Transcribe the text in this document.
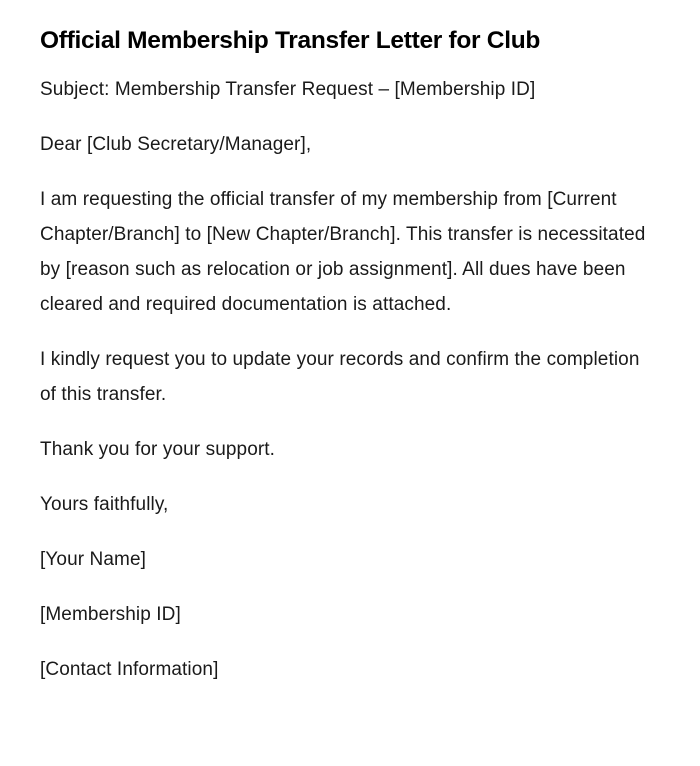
Official Membership Transfer Letter for Club

Subject: Membership Transfer Request – [Membership ID]

Dear [Club Secretary/Manager],

I am requesting the official transfer of my membership from [Current Chapter/Branch] to [New Chapter/Branch]. This transfer is necessitated by [reason such as relocation or job assignment]. All dues have been cleared and required documentation is attached.

I kindly request you to update your records and confirm the completion of this transfer.

Thank you for your support.

Yours faithfully,

[Your Name]

[Membership ID]

[Contact Information]
